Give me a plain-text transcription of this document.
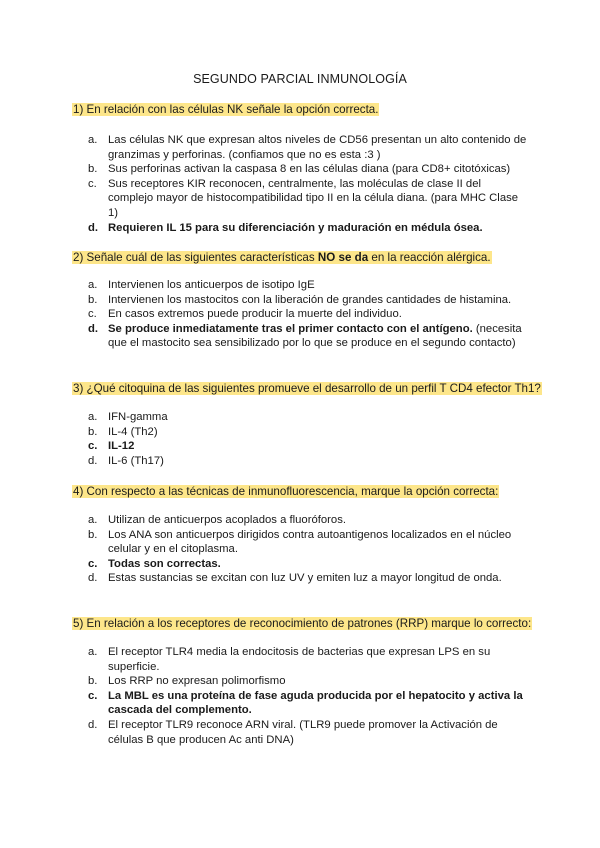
SEGUNDO PARCIAL INMUNOLOGÍA
1) En relación con las células NK señale la opción correcta.
a. Las células NK que expresan altos niveles de CD56 presentan un alto contenido de granzimas y perforinas. (confiamos que no es esta :3 )
b. Sus perforinas activan la caspasa 8 en las células diana (para CD8+ citotóxicas)
c. Sus receptores KIR reconocen, centralmente, las moléculas de clase II del complejo mayor de histocompatibilidad tipo II en la célula diana. (para MHC Clase 1)
d. Requieren IL 15 para su diferenciación y maduración en médula ósea.
2) Señale cuál de las siguientes características NO se da en la reacción alérgica.
a. Intervienen los anticuerpos de isotipo IgE
b. Intervienen los mastocitos con la liberación de grandes cantidades de histamina.
c. En casos extremos puede producir la muerte del individuo.
d. Se produce inmediatamente tras el primer contacto con el antígeno. (necesita que el mastocito sea sensibilizado por lo que se produce en el segundo contacto)
3) ¿Qué citoquina de las siguientes promueve el desarrollo de un perfil T CD4 efector Th1?
a. IFN-gamma
b. IL-4 (Th2)
c. IL-12
d. IL-6 (Th17)
4) Con respecto a las técnicas de inmunofluorescencia, marque la opción correcta:
a. Utilizan de anticuerpos acoplados a fluoróforos.
b. Los ANA son anticuerpos dirigidos contra autoantigenos localizados en el núcleo celular y en el citoplasma.
c. Todas son correctas.
d. Estas sustancias se excitan con luz UV y emiten luz a mayor longitud de onda.
5) En relación a los receptores de reconocimiento de patrones (RRP) marque lo correcto:
a. El receptor TLR4 media la endocitosis de bacterias que expresan LPS en su superficie.
b. Los RRP no expresan polimorfismo
c. La MBL es una proteína de fase aguda producida por el hepatocito y activa la cascada del complemento.
d. El receptor TLR9 reconoce ARN viral. (TLR9 puede promover la Activación de células B que producen Ac anti DNA)
